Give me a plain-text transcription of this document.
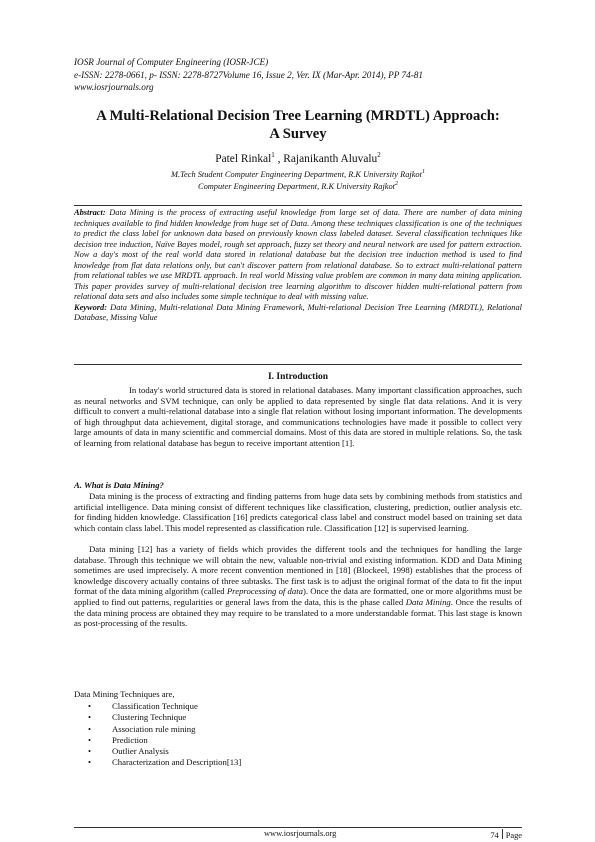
IOSR Journal of Computer Engineering (IOSR-JCE)
e-ISSN: 2278-0661, p- ISSN: 2278-8727Volume 16, Issue 2, Ver. IX (Mar-Apr. 2014), PP 74-81
www.iosrjournals.org
A Multi-Relational Decision Tree Learning (MRDTL) Approach:
A Survey
Patel Rinkal$^1$ , Rajanikanth Aluvalu$^2$
M.Tech Student Computer Engineering Department, R.K University Rajkot$^1$
Computer Engineering Department, R.K University Rajkot$^2$
Abstract: Data Mining is the process of extracting useful knowledge from large set of data. There are number of data mining techniques available to find hidden knowledge from huge set of Data. Among these techniques classification is one of the techniques to predict the class label for unknown data based on previously known class labeled dataset. Several classification techniques like decision tree induction, Naïve Bayes model, rough set approach, fuzzy set theory and neural network are used for pattern extraction. Now a day's most of the real world data stored in relational database but the decision tree induction method is used to find knowledge from flat data relations only, but can't discover pattern from relational database. So to extract multi-relational pattern from relational tables we use MRDTL approach. In real world Missing value problem are common in many data mining application. This paper provides survey of multi-relational decision tree learning algorithm to discover hidden multi-relational pattern from relational data sets and also includes some simple technique to deal with missing value.
Keyword: Data Mining, Multi-relational Data Mining Framework, Multi-relational Decision Tree Learning (MRDTL), Relational Database, Missing Value
I. Introduction
In today's world structured data is stored in relational databases. Many important classification approaches, such as neural networks and SVM technique, can only be applied to data represented by single flat data relations. And it is very difficult to convert a multi-relational database into a single flat relation without losing important information. The developments of high throughput data achievement, digital storage, and communications technologies have made it possible to collect very large amounts of data in many scientific and commercial domains. Most of this data are stored in multiple relations. So, the task of learning from relational database has begun to receive important attention [1].
A. What is Data Mining?
Data mining is the process of extracting and finding patterns from huge data sets by combining methods from statistics and artificial intelligence. Data mining consist of different techniques like classification, clustering, prediction, outlier analysis etc. for finding hidden knowledge. Classification [16] predicts categorical class label and construct model based on training set data which contain class label. This model represented as classification rule. Classification [12] is supervised learning.
Data mining [12] has a variety of fields which provides the different tools and the techniques for handling the large database. Through this technique we will obtain the new, valuable non-trivial and existing information. KDD and Data Mining sometimes are used imprecisely. A more recent convention mentioned in [18] (Blockeel, 1998) establishes that the process of knowledge discovery actually contains of three subtasks. The first task is to adjust the original format of the data to fit the input format of the data mining algorithm (called Preprocessing of data). Once the data are formatted, one or more algorithms must be applied to find out patterns, regularities or general laws from the data, this is the phase called Data Mining. Once the results of the data mining process are obtained they may require to be translated to a more understandable format. This last stage is known as post-processing of the results.
Data Mining Techniques are,
• Classification Technique
• Clustering Technique
• Association rule mining
• Prediction
• Outlier Analysis
• Characterization and Description[13]
www.iosrjournals.org	74 Page
